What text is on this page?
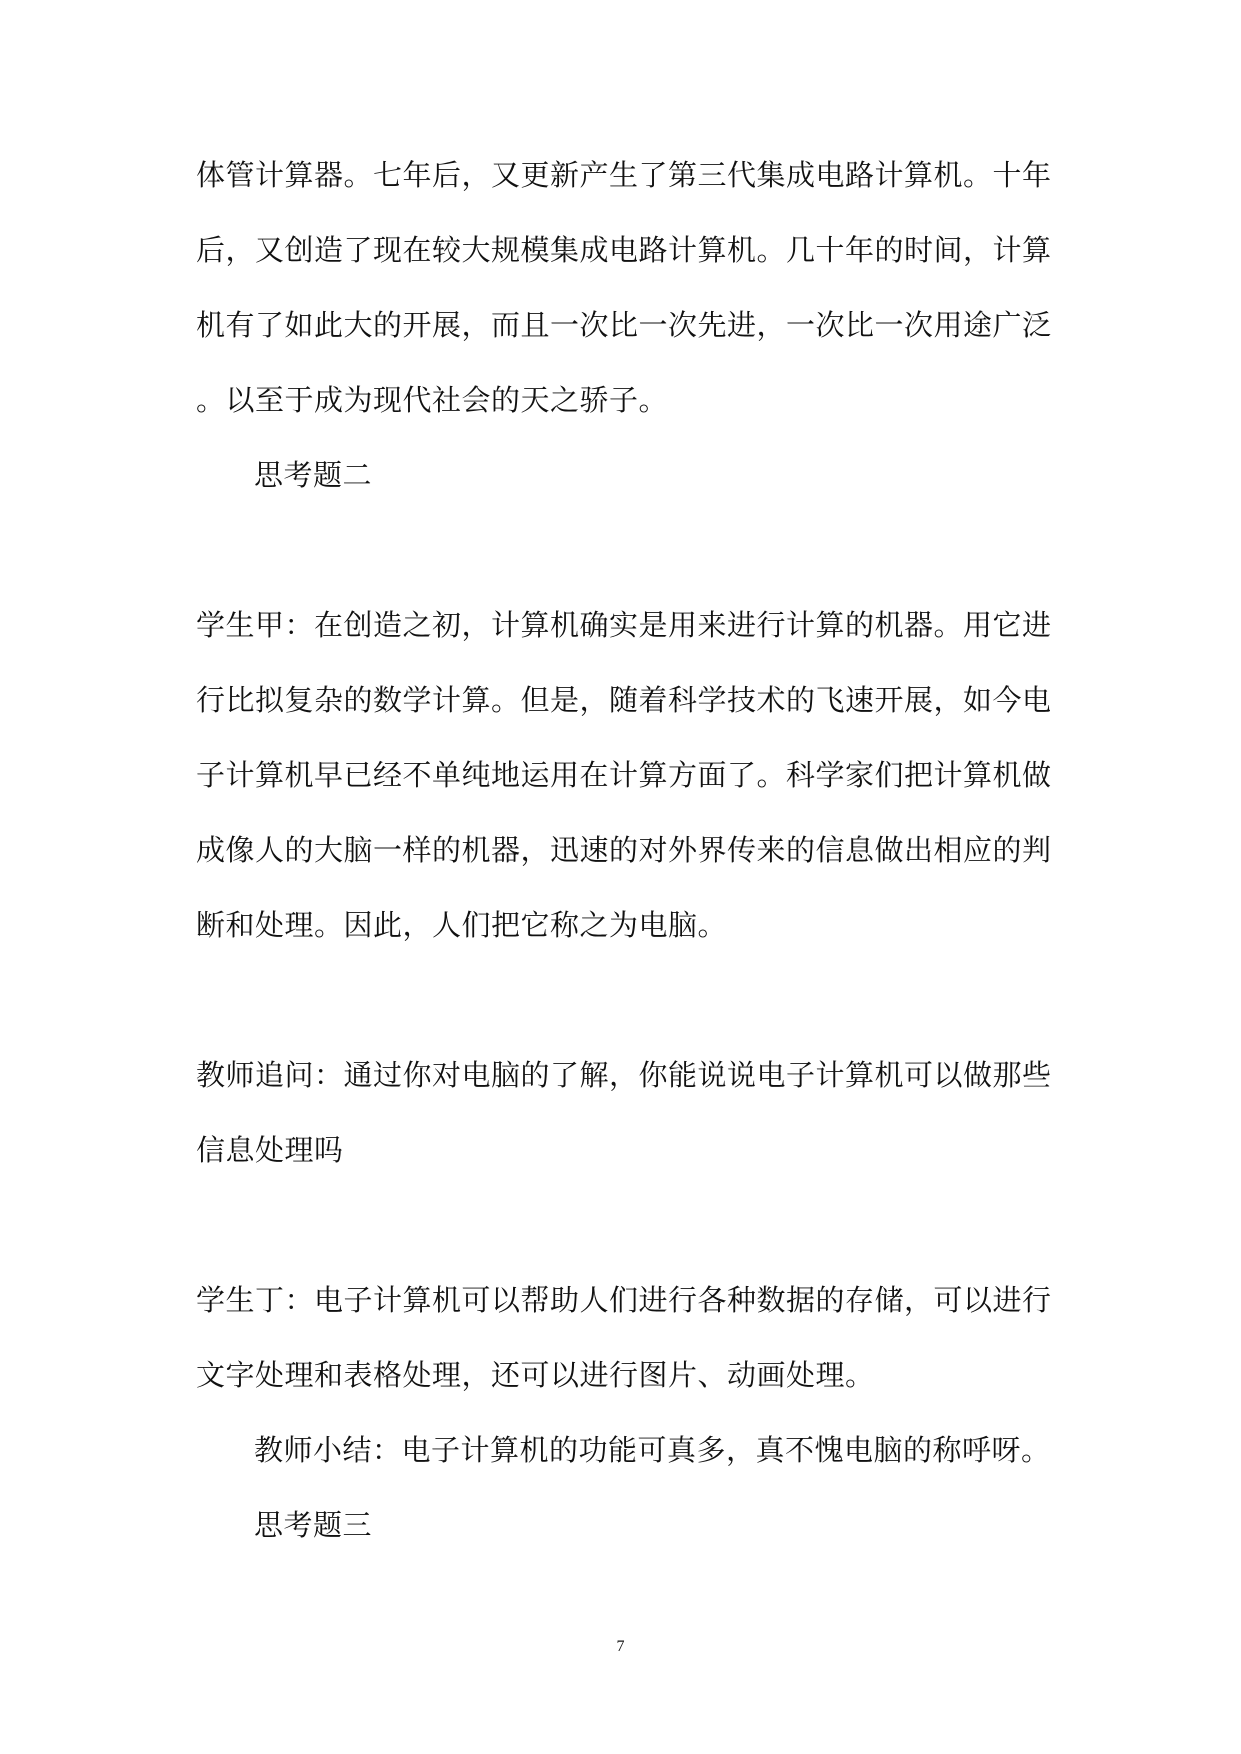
体管计算器。七年后，又更新产生了第三代集成电路计算机。十年
后，又创造了现在较大规模集成电路计算机。几十年的时间，计算
机有了如此大的开展，而且一次比一次先进，一次比一次用途广泛
。以至于成为现代社会的天之骄子。
思考题二
学生甲：在创造之初，计算机确实是用来进行计算的机器。用它进
行比拟复杂的数学计算。但是，随着科学技术的飞速开展，如今电
子计算机早已经不单纯地运用在计算方面了。科学家们把计算机做
成像人的大脑一样的机器，迅速的对外界传来的信息做出相应的判
断和处理。因此，人们把它称之为电脑。
教师追问：通过你对电脑的了解，你能说说电子计算机可以做那些
信息处理吗
学生丁：电子计算机可以帮助人们进行各种数据的存储，可以进行
文字处理和表格处理，还可以进行图片、动画处理。
教师小结：电子计算机的功能可真多，真不愧电脑的称呼呀。
思考题三
7
